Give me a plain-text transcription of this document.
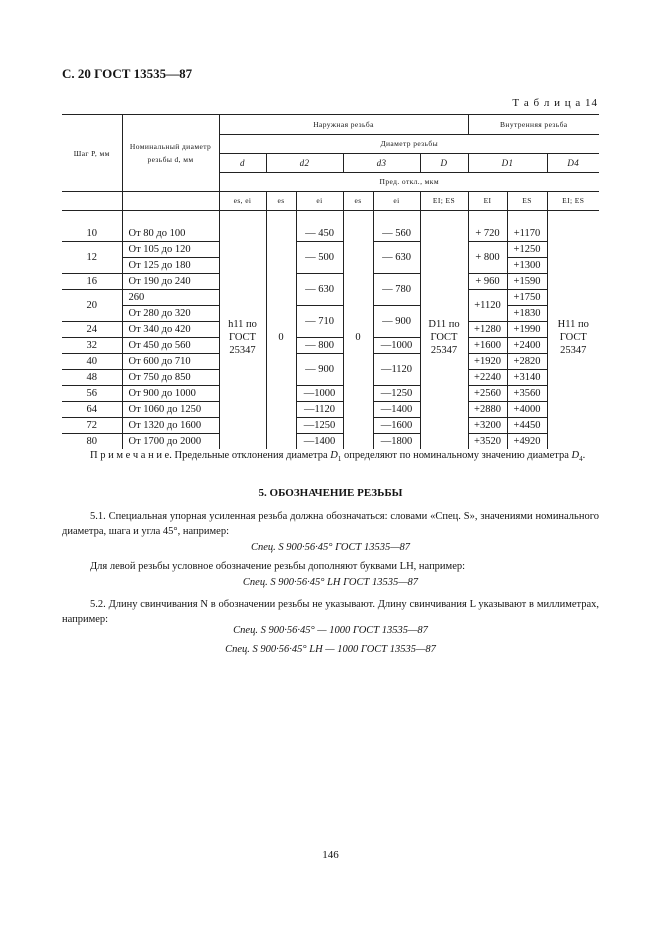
С. 20 ГОСТ 13535—87
Т а б л и ц а 14
Шаг P, мм	Номинальный диаметр резьбы d, мм	Наружная резьба						Внутренняя резьба		
		Диаметр резьбы								
		d	d2		d3		D	D1		D4
		Пред. откл., мкм								
		es, ei	es	ei	es	ei	EI; ES	EI	ES	EI; ES

10	От 80 до 100	h11 по ГОСТ 25347	0	— 450	0	— 560	D11 по ГОСТ 25347	+ 720	+1170	H11 по ГОСТ 25347
12	От 105 до 120			— 500		— 630		+ 800	+1250	
	От 125 до 180								+1300	
16	От 190 до 240			— 630		— 780		+ 960	+1590	
20	260							+1120	+1750	
	От 280 до 320			— 710		— 900			+1830	
24	От 340 до 420							+1280	+1990	
32	От 450 до 560			— 800		—1000		+1600	+2400	
40	От 600 до 710			— 900		—1120		+1920	+2820	
48	От 750 до 850							+2240	+3140	
56	От 900 до 1000			—1000		—1250		+2560	+3560	
64	От 1060 до 1250			—1120		—1400		+2880	+4000	
72	От 1320 до 1600			—1250		—1600		+3200	+4450	
80	От 1700 до 2000			—1400		—1800		+3520	+4920	
П р и м е ч а н и е. Предельные отклонения диаметра $D_1$ определяют по номинальному значению диаметра $D_4$.
5. ОБОЗНАЧЕНИЕ РЕЗЬБЫ
5.1. Специальная упорная усиленная резьба должна обозначаться: словами «Спец. S», значениями номинального диаметра, шага и угла 45°, например:
Спец. S 900·56·45° ГОСТ 13535—87
Для левой резьбы условное обозначение резьбы дополняют буквами LH, например:
Спец. S 900·56·45° LH ГОСТ 13535—87
5.2. Длину свинчивания N в обозначении резьбы не указывают. Длину свинчивания L указывают в миллиметрах, например:
Спец. S 900·56·45° — 1000 ГОСТ 13535—87
Спец. S 900·56·45° LH — 1000 ГОСТ 13535—87
146
